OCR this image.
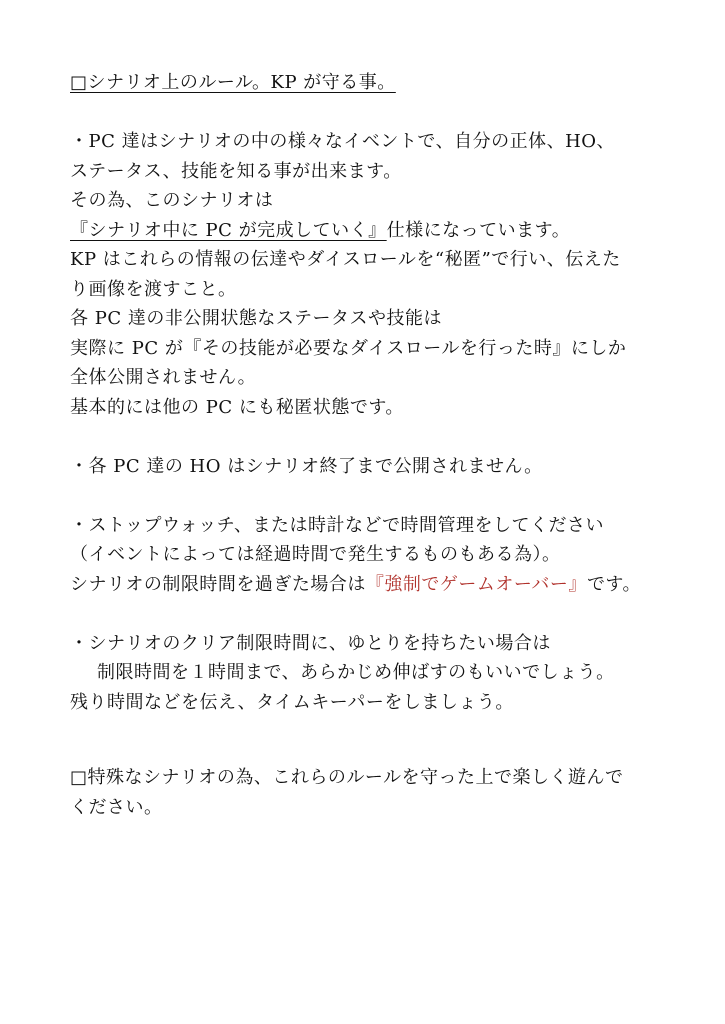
□シナリオ上のルール。KP が守る事。
・PC 達はシナリオの中の様々なイベントで、自分の正体、HO、
ステータス、技能を知る事が出来ます。
その為、このシナリオは
『シナリオ中に PC が完成していく』仕様になっています。
KP はこれらの情報の伝達やダイスロールを“秘匿”で行い、伝えた
り画像を渡すこと。
各 PC 達の非公開状態なステータスや技能は
実際に PC が『その技能が必要なダイスロールを行った時』にしか
全体公開されません。
基本的には他の PC にも秘匿状態です。
・各 PC 達の HO はシナリオ終了まで公開されません。
・ストップウォッチ、または時計などで時間管理をしてください
（イベントによっては経過時間で発生するものもある為）。
シナリオの制限時間を過ぎた場合は『強制でゲームオーバー』です。
・シナリオのクリア制限時間に、ゆとりを持ちたい場合は
制限時間を１時間まで、あらかじめ伸ばすのもいいでしょう。
残り時間などを伝え、タイムキーパーをしましょう。
□特殊なシナリオの為、これらのルールを守った上で楽しく遊んで
ください。
